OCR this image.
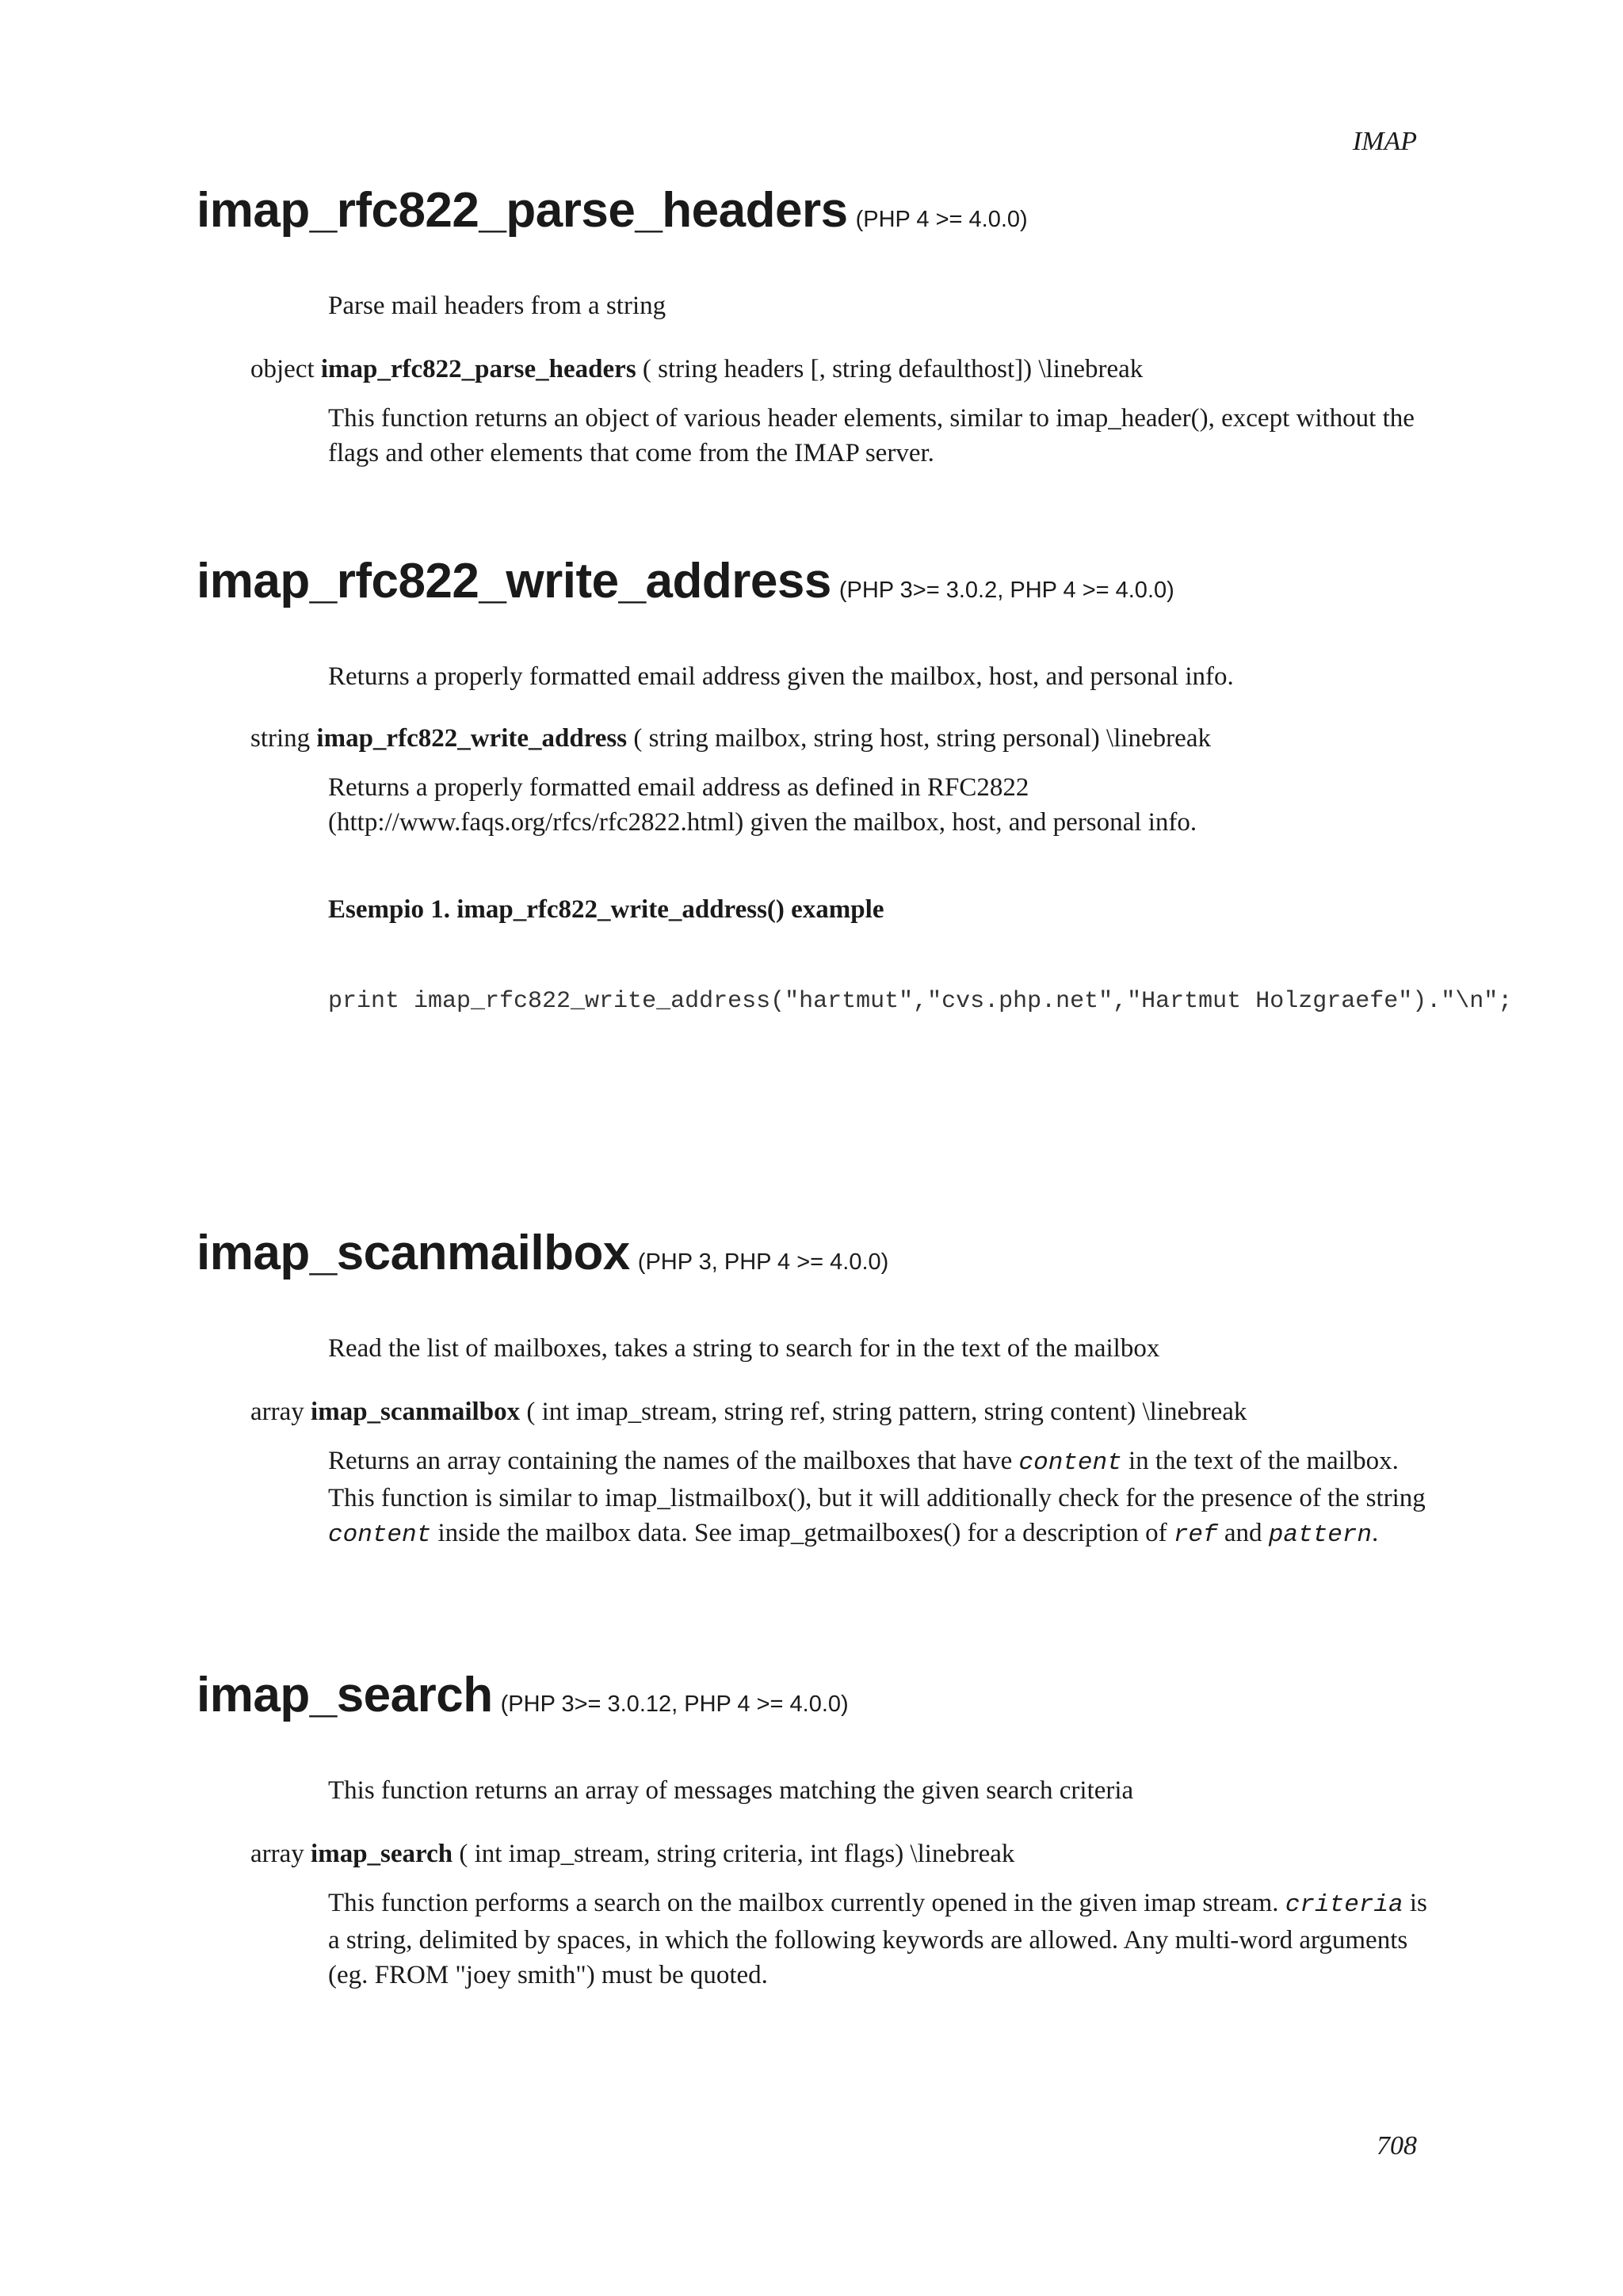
IMAP
imap_rfc822_parse_headers (PHP 4 >= 4.0.0)
Parse mail headers from a string
object imap_rfc822_parse_headers ( string headers [, string defaulthost]) \linebreak
This function returns an object of various header elements, similar to imap_header(), except without the flags and other elements that come from the IMAP server.
imap_rfc822_write_address (PHP 3>= 3.0.2, PHP 4 >= 4.0.0)
Returns a properly formatted email address given the mailbox, host, and personal info.
string imap_rfc822_write_address ( string mailbox, string host, string personal) \linebreak
Returns a properly formatted email address as defined in RFC2822
(http://www.faqs.org/rfcs/rfc2822.html) given the mailbox, host, and personal info.
Esempio 1. imap_rfc822_write_address() example
print imap_rfc822_write_address("hartmut","cvs.php.net","Hartmut Holzgraefe")."\n";
imap_scanmailbox (PHP 3, PHP 4 >= 4.0.0)
Read the list of mailboxes, takes a string to search for in the text of the mailbox
array imap_scanmailbox ( int imap_stream, string ref, string pattern, string content) \linebreak
Returns an array containing the names of the mailboxes that have content in the text of the mailbox. This function is similar to imap_listmailbox(), but it will additionally check for the presence of the string content inside the mailbox data. See imap_getmailboxes() for a description of ref and pattern.
imap_search (PHP 3>= 3.0.12, PHP 4 >= 4.0.0)
This function returns an array of messages matching the given search criteria
array imap_search ( int imap_stream, string criteria, int flags) \linebreak
This function performs a search on the mailbox currently opened in the given imap stream. criteria is a string, delimited by spaces, in which the following keywords are allowed. Any multi-word arguments (eg. FROM "joey smith") must be quoted.
708
